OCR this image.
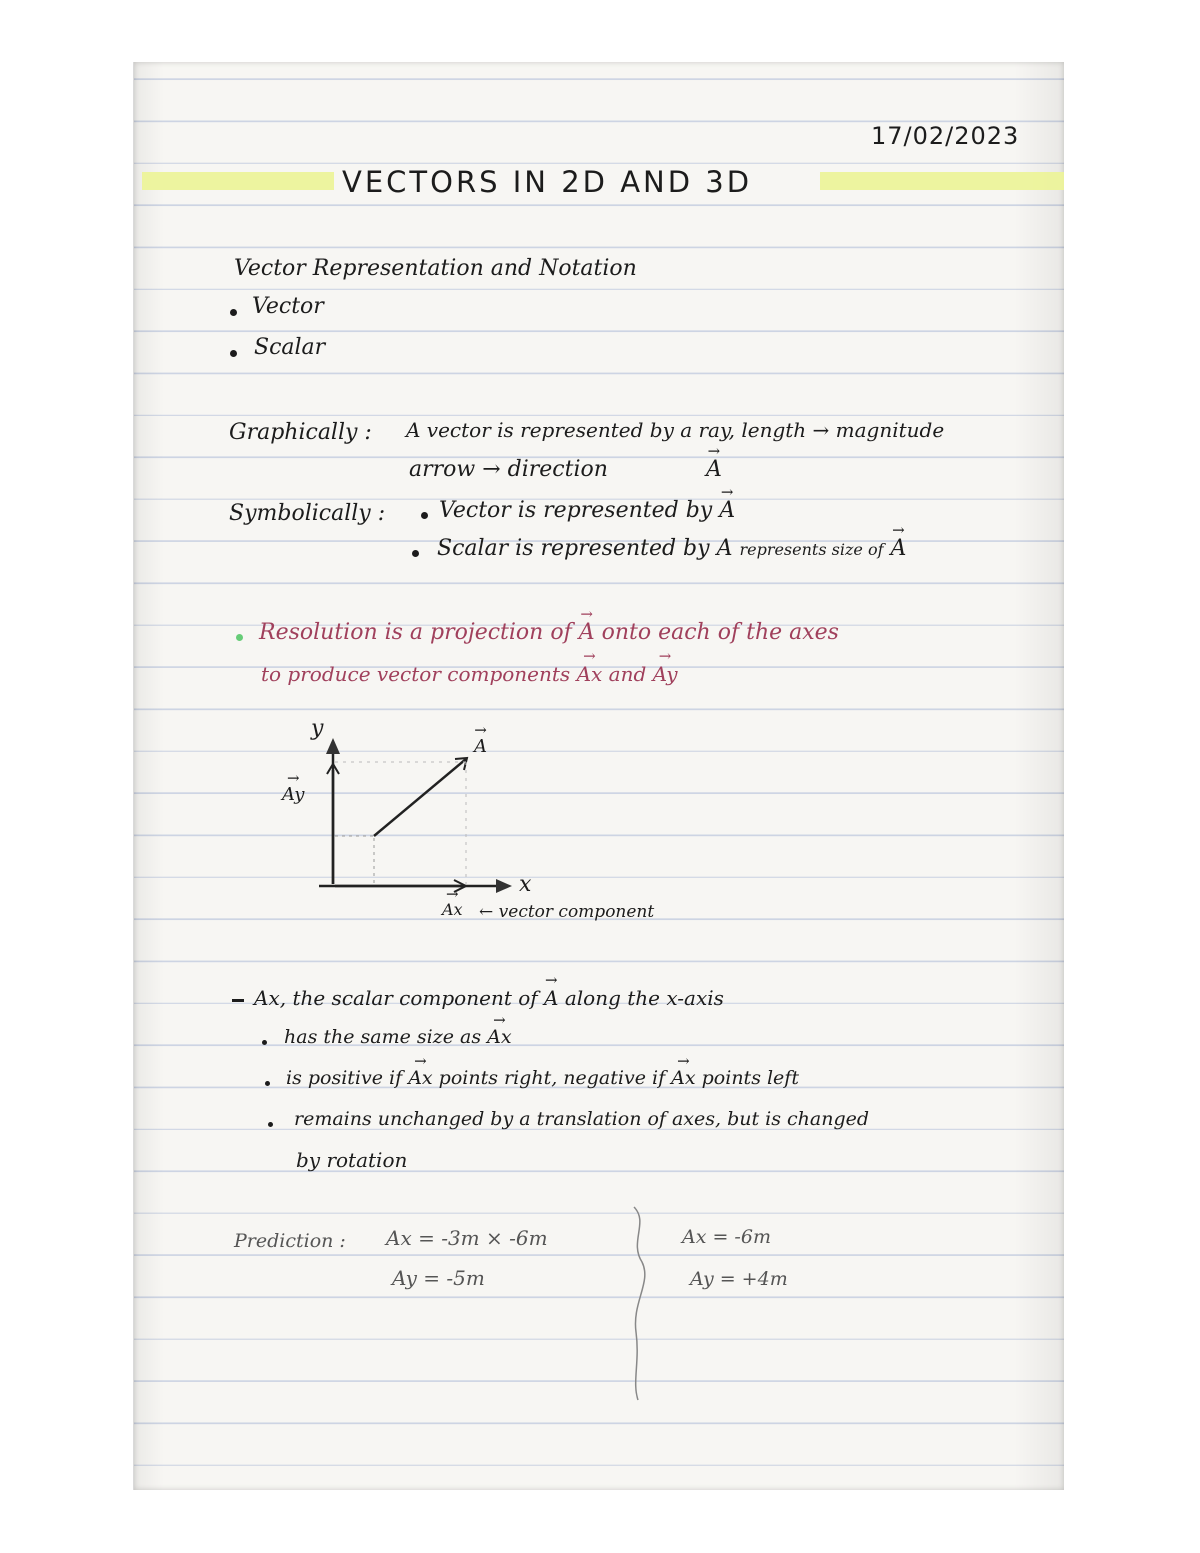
17/02/2023
VECTORS IN 2D AND 3D
Vector Representation and Notation
Vector
Scalar
Graphically : A vector is represented by a ray, length → magnitude
arrow → direction	→ A
Symbolically : Vector is represented by → A
Scalar is represented by A represents size of → A
Resolution is a projection of → A onto each of the axes
to produce vector components → Ax and → Ay
y
x
→ A
→ Ay
→ Ax ← vector component
Ax, the scalar component of → A along the x-axis
has the same size as → Ax
is positive if → Ax points right, negative if → Ax points left
remains unchanged by a translation of axes, but is changed
by rotation
Prediction : Ax = -3m × -6m
Ay = -5m
Ax = -6m
Ay = +4m
